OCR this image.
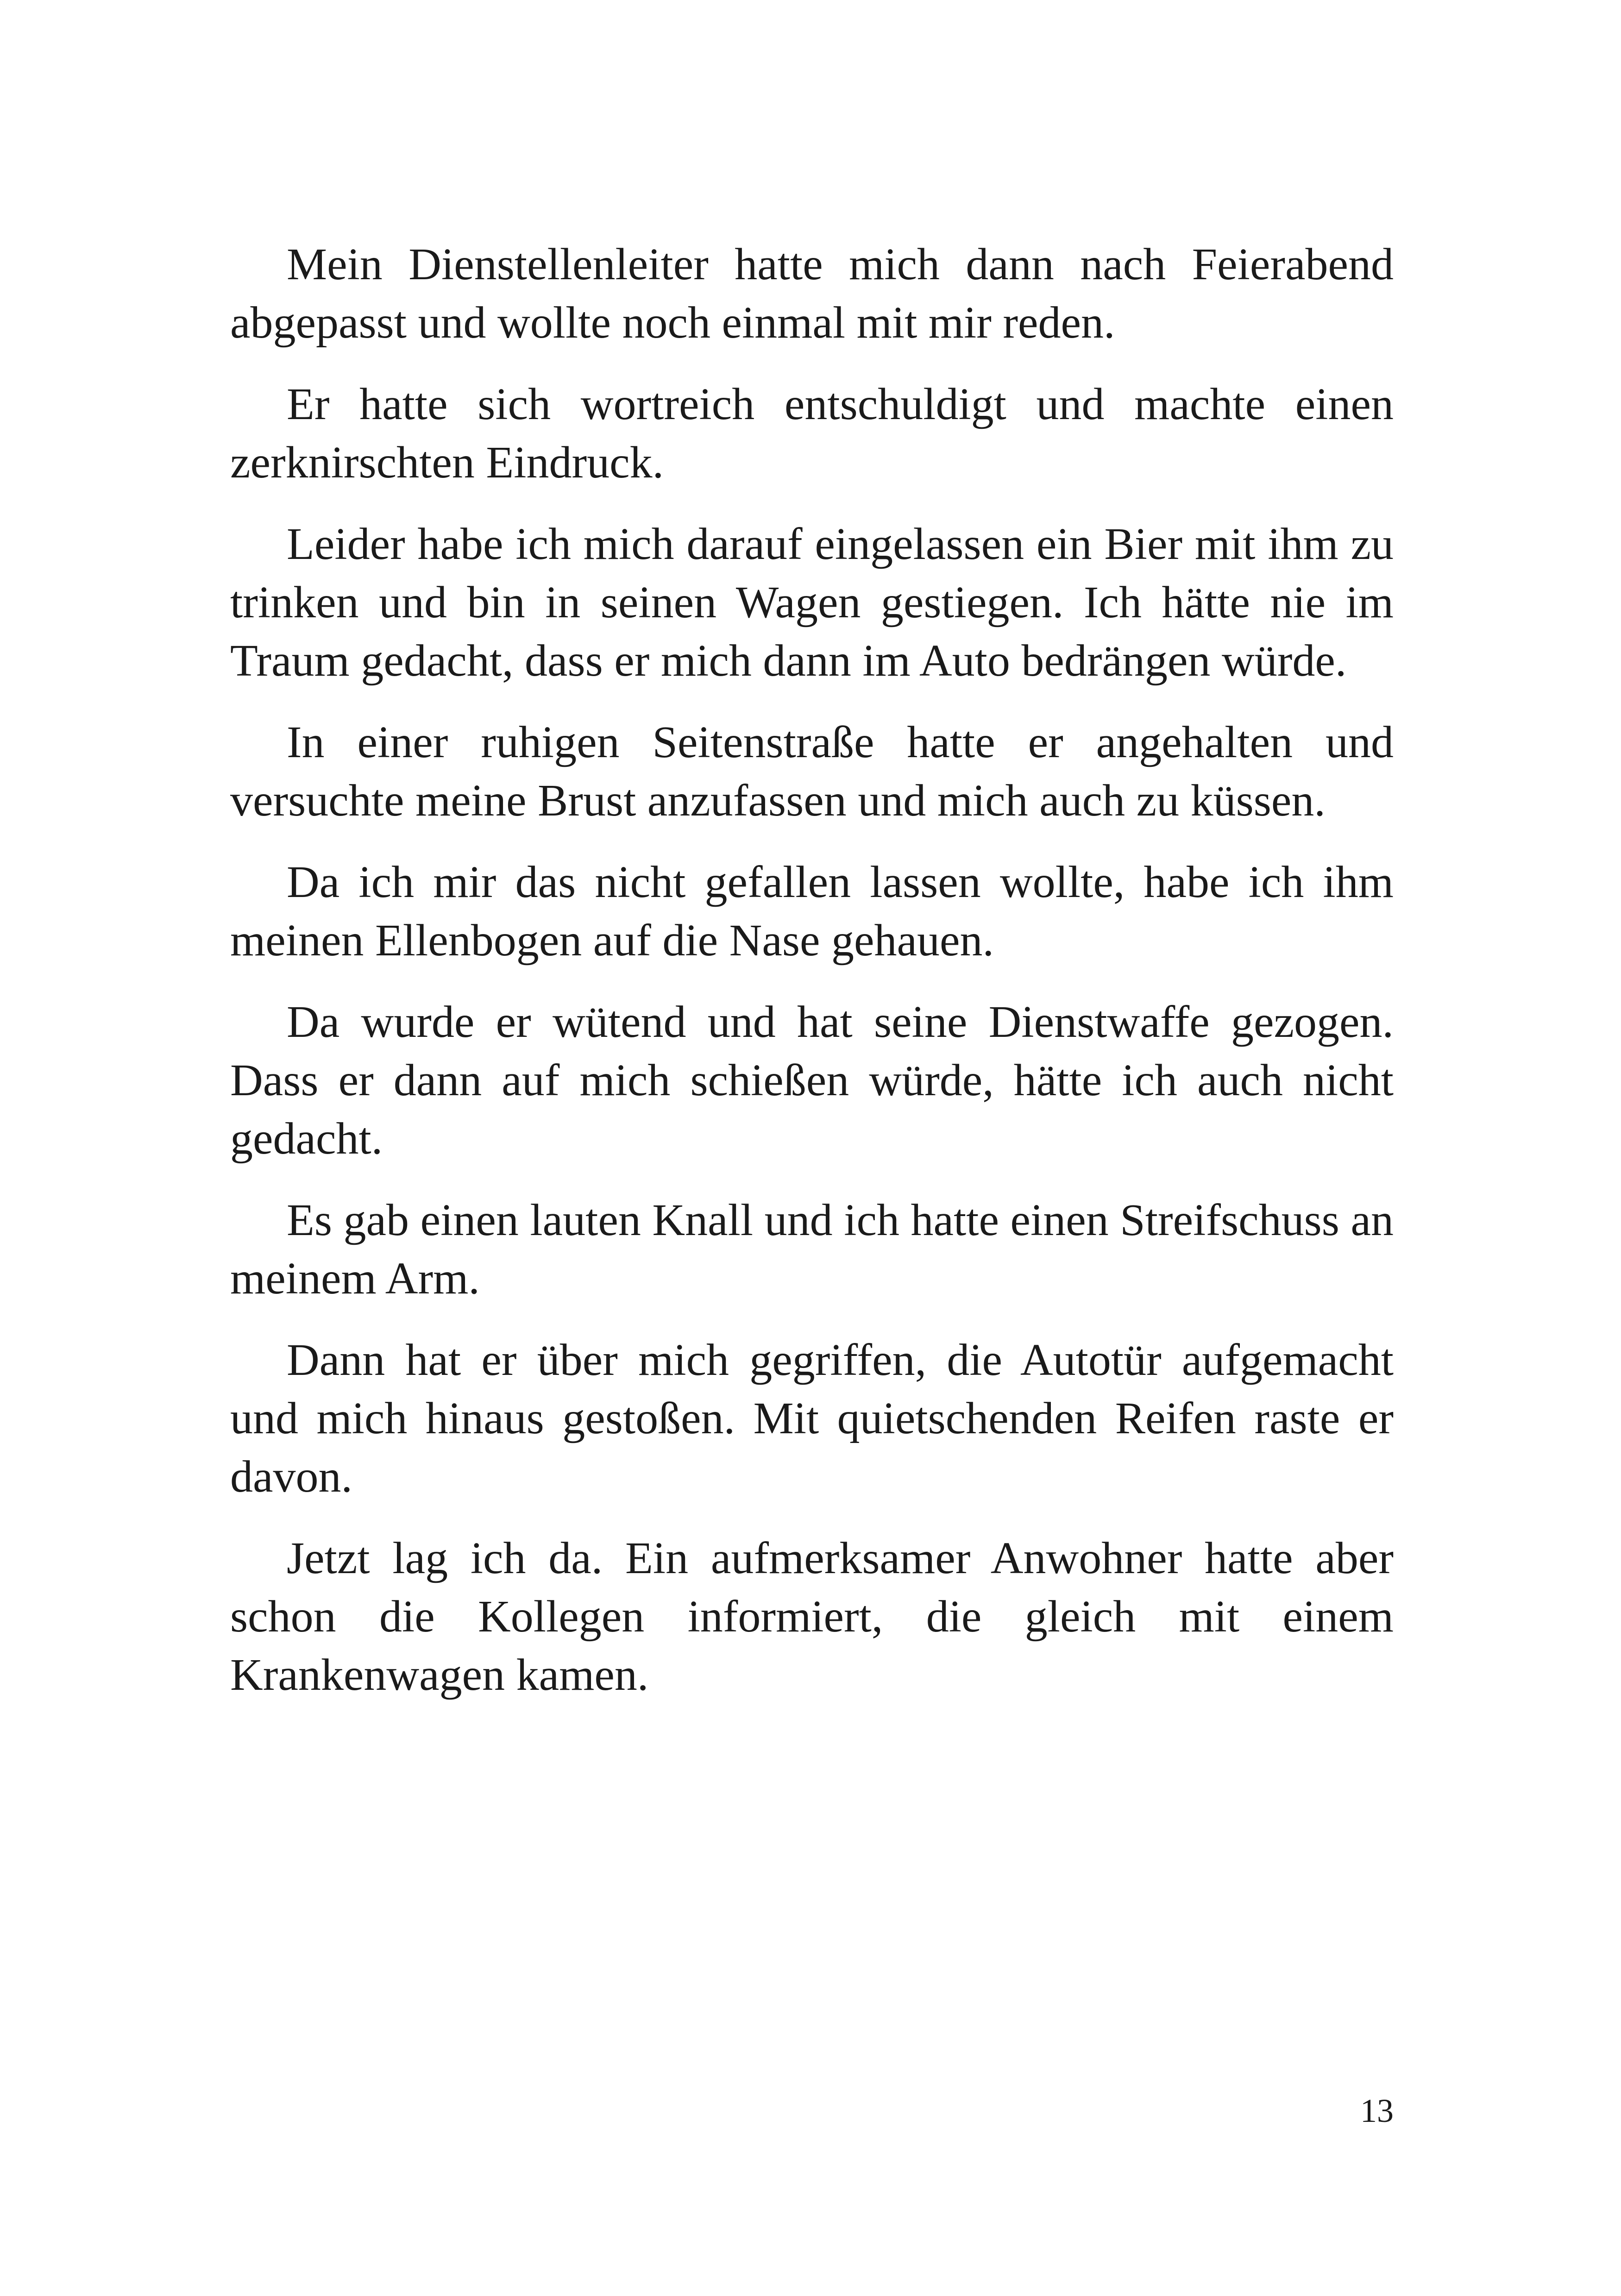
Mein Dienstellenleiter hatte mich dann nach Feierabend abgepasst und wollte noch einmal mit mir reden.

Er hatte sich wortreich entschuldigt und machte einen zerknirschten Eindruck.

Leider habe ich mich darauf eingelassen ein Bier mit ihm zu trinken und bin in seinen Wagen gestiegen. Ich hätte nie im Traum gedacht, dass er mich dann im Auto bedrängen würde.

In einer ruhigen Seitenstraße hatte er angehalten und versuchte meine Brust anzufassen und mich auch zu küssen.

Da ich mir das nicht gefallen lassen wollte, habe ich ihm meinen Ellenbogen auf die Nase gehauen.

Da wurde er wütend und hat seine Dienstwaffe gezogen. Dass er dann auf mich schießen würde, hätte ich auch nicht gedacht.

Es gab einen lauten Knall und ich hatte einen Streifschuss an meinem Arm.

Dann hat er über mich gegriffen, die Autotür aufgemacht und mich hinaus gestoßen. Mit quietschenden Reifen raste er davon.

Jetzt lag ich da. Ein aufmerksamer Anwohner hatte aber schon die Kollegen informiert, die gleich mit einem Krankenwagen kamen.

13
